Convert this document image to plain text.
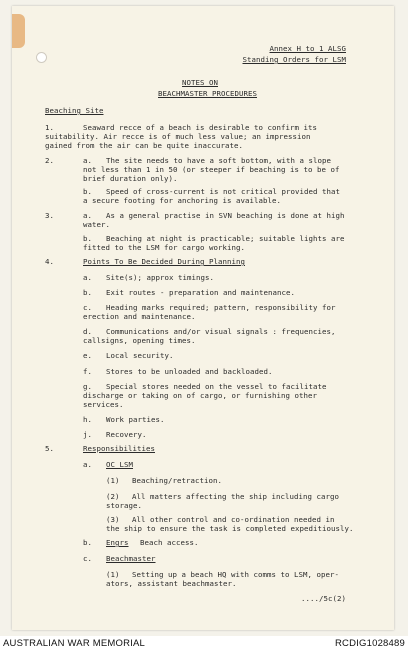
Annex H to 1 ALSG
Standing Orders for LSM
NOTES ON
BEACHMASTER PROCEDURES
Beaching Site
1.	Seaward recce of a beach is desirable to confirm its
suitability. Air recce is of much less value; an impression
gained from the air can be quite inaccurate.
2.	a. The site needs to have a soft bottom, with a slope
not less than 1 in 50 (or steeper if beaching is to be of
brief duration only).
b. Speed of cross-current is not critical provided that
a secure footing for anchoring is available.
3.	a. As a general practise in SVN beaching is done at high
water.
b. Beaching at night is practicable; suitable lights are
fitted to the LSM for cargo working.
4.	Points To Be Decided During Planning
a. Site(s); approx timings.
b. Exit routes - preparation and maintenance.
c. Heading marks required; pattern, responsibility for
erection and maintenance.
d. Communications and/or visual signals : frequencies,
callsigns, opening times.
e. Local security.
f. Stores to be unloaded and backloaded.
g. Special stores needed on the vessel to facilitate
discharge or taking on of cargo, or furnishing other
services.
h. Work parties.
j. Recovery.
5.	Responsibilities
a. OC LSM
(1) Beaching/retraction.
(2) All matters affecting the ship including cargo
storage.
(3) All other control and co-ordination needed in
the ship to ensure the task is completed expeditiously.
b. Engrs Beach access.
c. Beachmaster
(1) Setting up a beach HQ with comms to LSM, oper-
ators, assistant beachmaster.
..../5c(2)
AUSTRALIAN WAR MEMORIAL	RCDIG1028489
